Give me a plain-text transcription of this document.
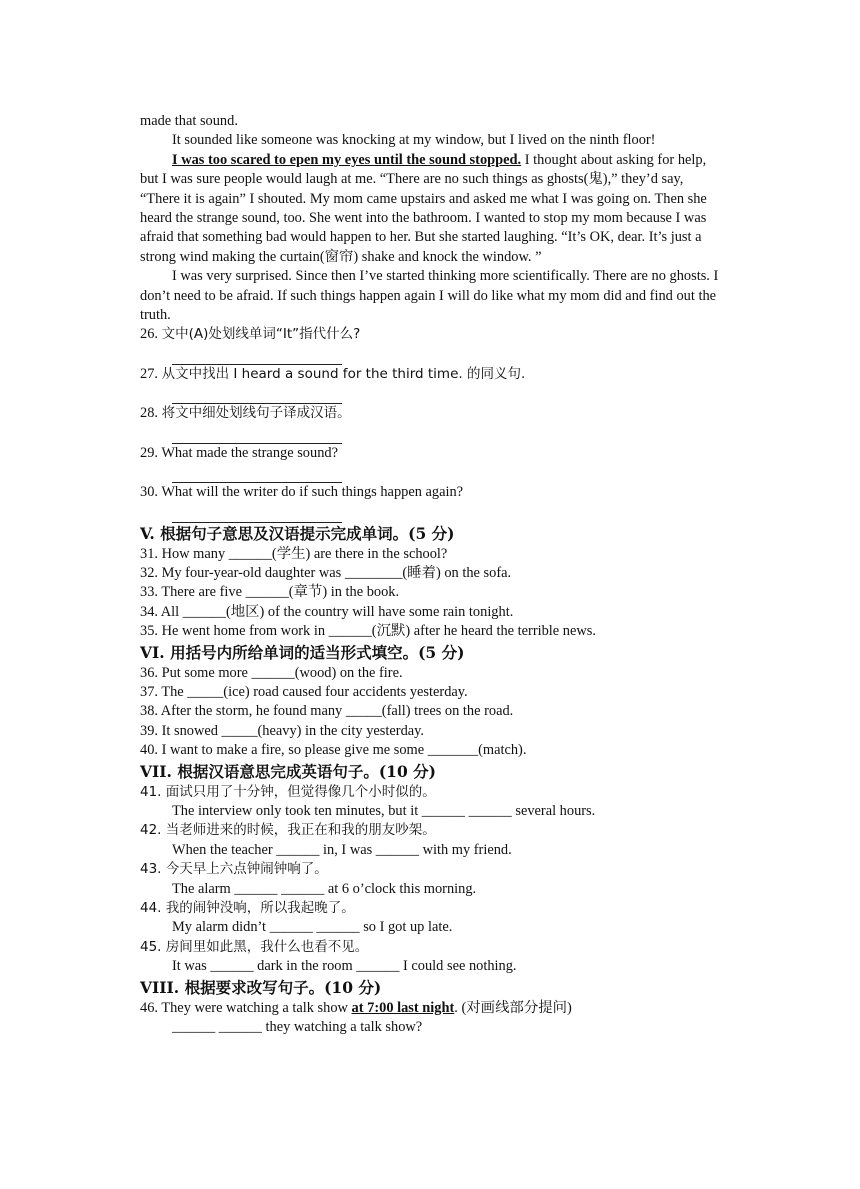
made that sound.

It sounded like someone was knocking at my window, but I lived on the ninth floor!

I was too scared to epen my eyes until the sound stopped. I thought about asking for help, but I was sure people would laugh at me. “There are no such things as ghosts(鬼),” they’d say, “There it is again” I shouted. My mom came upstairs and asked me what I was going on. Then she heard the strange sound, too. She went into the bathroom. I wanted to stop my mom because I was afraid that something bad would happen to her. But she started laughing. “It’s OK, dear. It’s just a strong wind making the curtain(窗帘) shake and knock the window. ”

I was very surprised. Since then I’ve started thinking more scientifically. There are no ghosts. I don’t need to be afraid. If such things happen again I will do like what my mom did and find out the truth.

26. 文中(A)处划线单词“It”指代什么?
27. 从文中找出 I heard a sound for the third time. 的同义句.
28. 将文中细处划线句子译成汉语。
29. What made the strange sound?
30. What will the writer do if such things happen again?

V. 根据句子意思及汉语提示完成单词。(5 分)

31. How many ______(学生) are there in the school?

32. My four-year-old daughter was ________(睡着) on the sofa.

33. There are five ______(章节) in the book.

34. All ______(地区) of the country will have some rain tonight.

35. He went home from work in ______(沉默) after he heard the terrible news.

VI. 用括号内所给单词的适当形式填空。(5 分)

36. Put some more ______(wood) on the fire.

37. The _____(ice) road caused four accidents yesterday.

38. After the storm, he found many _____(fall) trees on the road.

39. It snowed _____(heavy) in the city yesterday.

40. I want to make a fire, so please give me some _______(match).

VII. 根据汉语意思完成英语句子。(10 分)

41. 面试只用了十分钟，但觉得像几个小时似的。

The interview only took ten minutes, but it ______ ______ several hours.

42. 当老师进来的时候，我正在和我的朋友吵架。

When the teacher ______ in, I was ______ with my friend.

43. 今天早上六点钟闹钟响了。

The alarm ______ ______ at 6 o’clock this morning.

44. 我的闹钟没响，所以我起晚了。

My alarm didn’t ______ ______ so I got up late.

45. 房间里如此黑，我什么也看不见。

It was ______ dark in the room ______ I could see nothing.

VIII. 根据要求改写句子。(10 分)

46. They were watching a talk show at 7:00 last night. (对画线部分提问)

______ ______ they watching a talk show?
